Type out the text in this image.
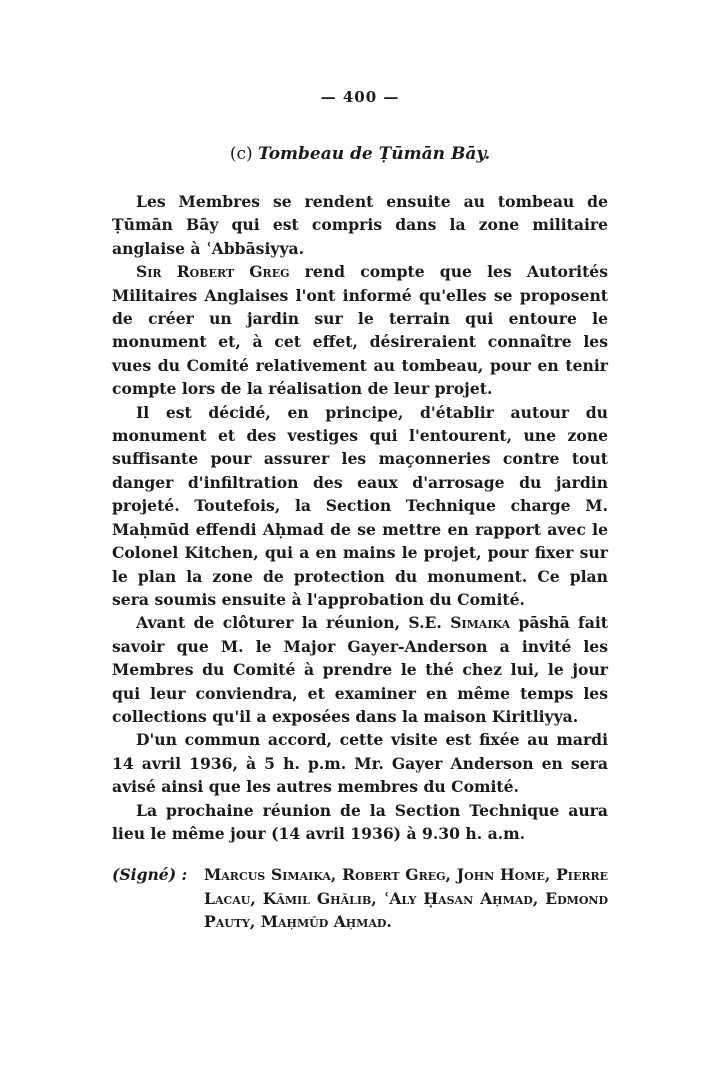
— 400 —
(c) Tombeau de Ṭūmān Bāy.

Les Membres se rendent ensuite au tombeau de Ṭūmān Bāy qui est compris dans la zone militaire anglaise à ʿAbbāsiyya.

Sir Robert Greg rend compte que les Autorités Militaires Anglaises l'ont informé qu'elles se proposent de créer un jardin sur le terrain qui entoure le monument et, à cet effet, désireraient connaître les vues du Comité relativement au tombeau, pour en tenir compte lors de la réalisation de leur projet.

Il est décidé, en principe, d'établir autour du monument et des vestiges qui l'entourent, une zone suffisante pour assurer les maçonneries contre tout danger d'infiltration des eaux d'arrosage du jardin projeté. Toutefois, la Section Technique charge M. Maḥmūd effendi Aḥmad de se mettre en rapport avec le Colonel Kitchen, qui a en mains le projet, pour fixer sur le plan la zone de protection du monument. Ce plan sera soumis ensuite à l'approbation du Comité.

Avant de clôturer la réunion, S.E. Simaika pāshā fait savoir que M. le Major Gayer-Anderson a invité les Membres du Comité à prendre le thé chez lui, le jour qui leur conviendra, et examiner en même temps les collections qu'il a exposées dans la maison Kiritliyya.

D'un commun accord, cette visite est fixée au mardi 14 avril 1936, à 5 h. p.m. Mr. Gayer Anderson en sera avisé ainsi que les autres membres du Comité.

La prochaine réunion de la Section Technique aura lieu le même jour (14 avril 1936) à 9.30 h. a.m.

(Signé) :	Marcus Simaika, Robert Greg, John Home, Pierre Lacau, Kāmil Ghālib, ʿAly Ḥasan Aḥmad, Edmond Pauty, Maḥmūd Aḥmad.
